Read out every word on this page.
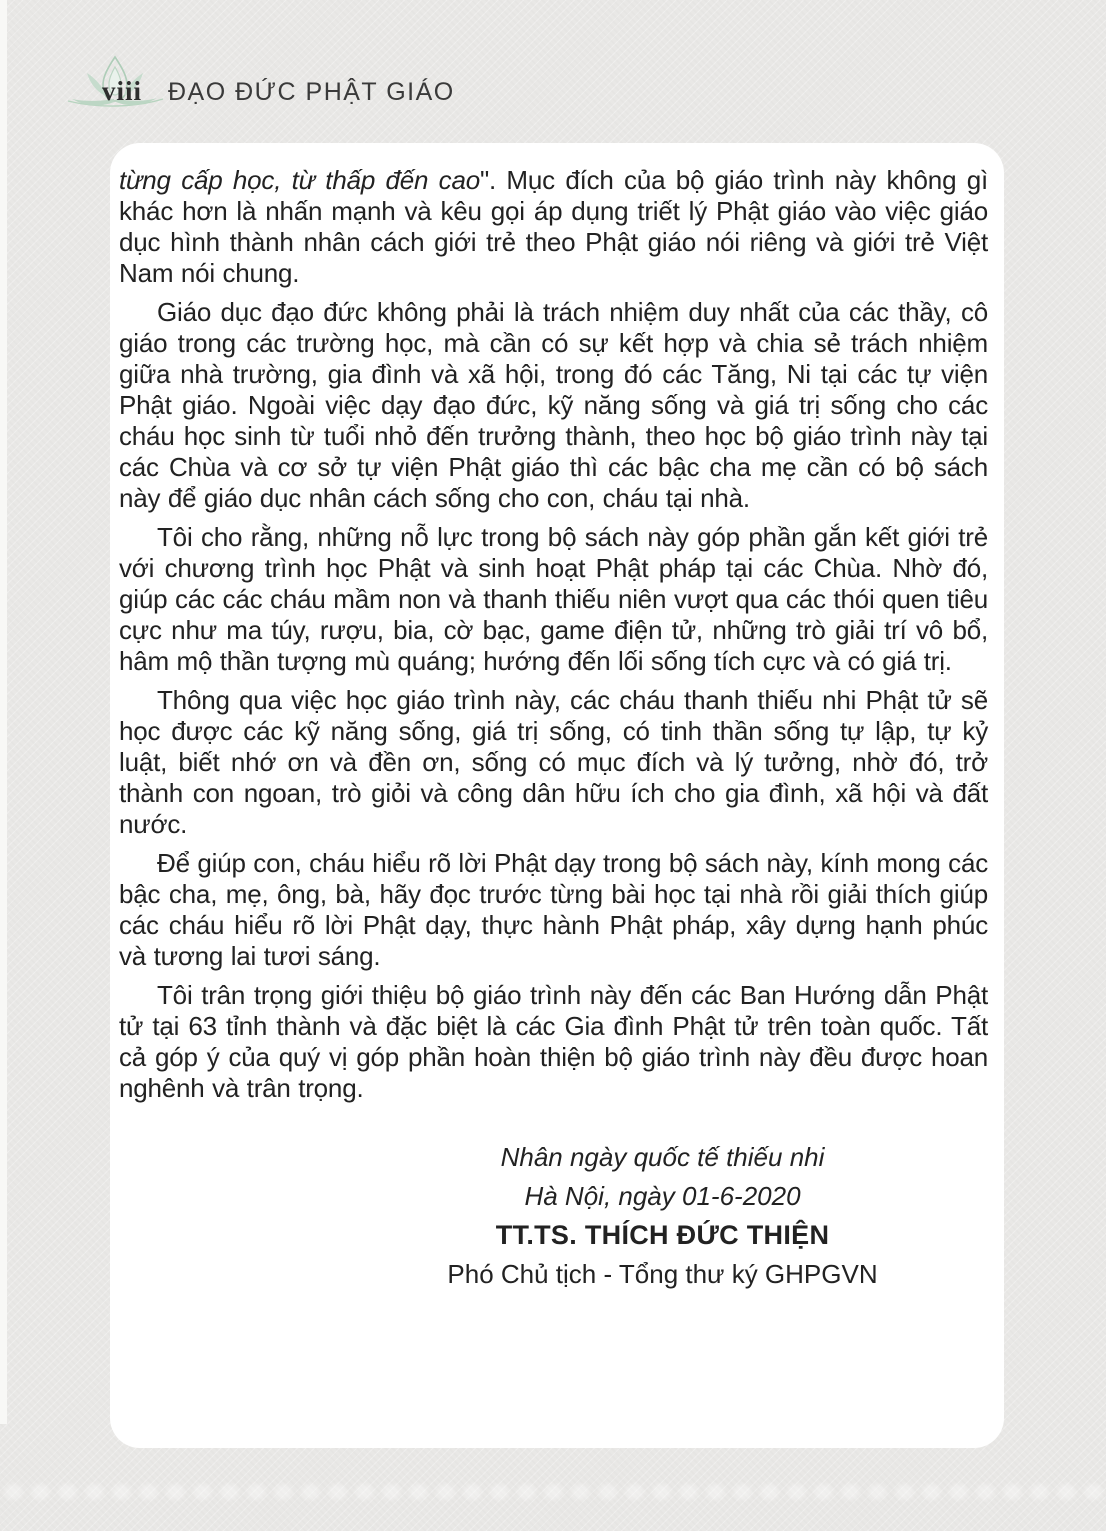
viii ĐẠO ĐỨC PHẬT GIÁO

từng cấp học, từ thấp đến cao". Mục đích của bộ giáo trình này không gì khác hơn là nhấn mạnh và kêu gọi áp dụng triết lý Phật giáo vào việc giáo dục hình thành nhân cách giới trẻ theo Phật giáo nói riêng và giới trẻ Việt Nam nói chung.

Giáo dục đạo đức không phải là trách nhiệm duy nhất của các thầy, cô giáo trong các trường học, mà cần có sự kết hợp và chia sẻ trách nhiệm giữa nhà trường, gia đình và xã hội, trong đó các Tăng, Ni tại các tự viện Phật giáo. Ngoài việc dạy đạo đức, kỹ năng sống và giá trị sống cho các cháu học sinh từ tuổi nhỏ đến trưởng thành, theo học bộ giáo trình này tại các Chùa và cơ sở tự viện Phật giáo thì các bậc cha mẹ cần có bộ sách này để giáo dục nhân cách sống cho con, cháu tại nhà.

Tôi cho rằng, những nỗ lực trong bộ sách này góp phần gắn kết giới trẻ với chương trình học Phật và sinh hoạt Phật pháp tại các Chùa. Nhờ đó, giúp các các cháu mầm non và thanh thiếu niên vượt qua các thói quen tiêu cực như ma túy, rượu, bia, cờ bạc, game điện tử, những trò giải trí vô bổ, hâm mộ thần tượng mù quáng; hướng đến lối sống tích cực và có giá trị.

Thông qua việc học giáo trình này, các cháu thanh thiếu nhi Phật tử sẽ học được các kỹ năng sống, giá trị sống, có tinh thần sống tự lập, tự kỷ luật, biết nhớ ơn và đền ơn, sống có mục đích và lý tưởng, nhờ đó, trở thành con ngoan, trò giỏi và công dân hữu ích cho gia đình, xã hội và đất nước.

Để giúp con, cháu hiểu rõ lời Phật dạy trong bộ sách này, kính mong các bậc cha, mẹ, ông, bà, hãy đọc trước từng bài học tại nhà rồi giải thích giúp các cháu hiểu rõ lời Phật dạy, thực hành Phật pháp, xây dựng hạnh phúc và tương lai tươi sáng.

Tôi trân trọng giới thiệu bộ giáo trình này đến các Ban Hướng dẫn Phật tử tại 63 tỉnh thành và đặc biệt là các Gia đình Phật tử trên toàn quốc. Tất cả góp ý của quý vị góp phần hoàn thiện bộ giáo trình này đều được hoan nghênh và trân trọng.

Nhân ngày quốc tế thiếu nhi
Hà Nội, ngày 01-6-2020
TT.TS. THÍCH ĐỨC THIỆN
Phó Chủ tịch - Tổng thư ký GHPGVN
